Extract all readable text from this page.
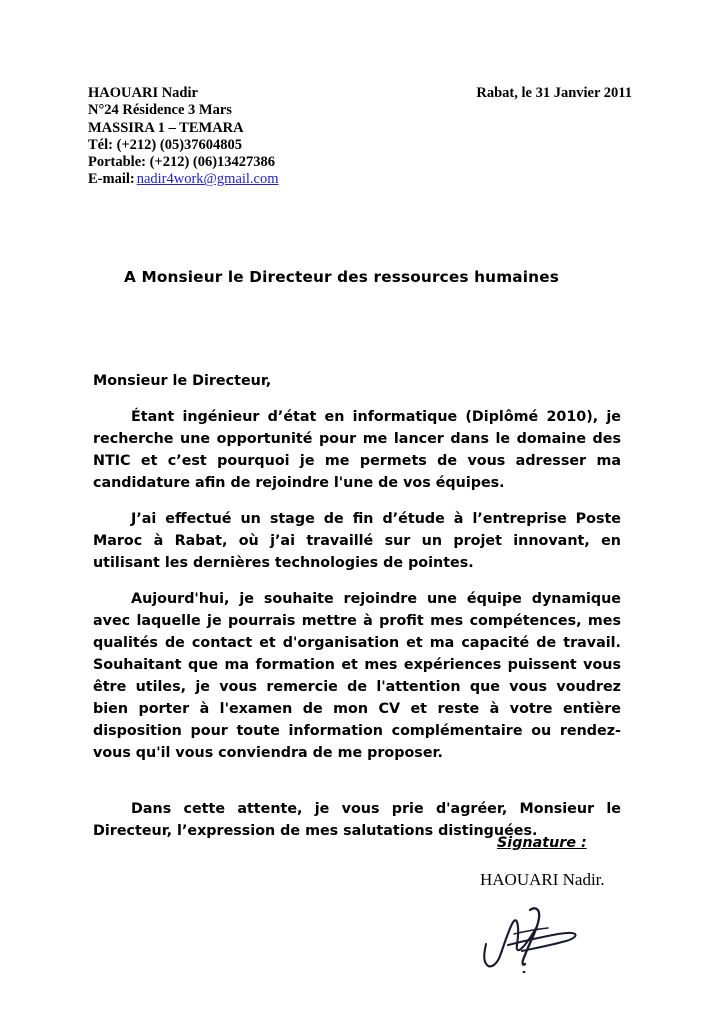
HAOUARI Nadir
N°24 Résidence 3 Mars
MASSIRA 1 – TEMARA
Tél: (+212) (05)37604805
Portable: (+212) (06)13427386
E-mail: nadir4work@gmail.com
Rabat, le 31 Janvier 2011
A Monsieur le Directeur des ressources humaines

Monsieur le Directeur,

Étant ingénieur d’état en informatique (Diplômé 2010), je recherche une opportunité pour me lancer dans le domaine des NTIC et c’est pourquoi je me permets de vous adresser ma candidature afin de rejoindre l'une de vos équipes.

J’ai effectué un stage de fin d’étude à l’entreprise Poste Maroc à Rabat, où j’ai travaillé sur un projet innovant, en utilisant les dernières technologies de pointes.

Aujourd'hui, je souhaite rejoindre une équipe dynamique avec laquelle je pourrais mettre à profit mes compétences, mes qualités de contact et d'organisation et ma capacité de travail. Souhaitant que ma formation et mes expériences puissent vous être utiles, je vous remercie de l'attention que vous voudrez bien porter à l'examen de mon CV et reste à votre entière disposition pour toute information complémentaire ou rendez-vous qu'il vous conviendra de me proposer.

Dans cette attente, je vous prie d'agréer, Monsieur le Directeur, l’expression de mes salutations distinguées.

Signature :
HAOUARI Nadir.
